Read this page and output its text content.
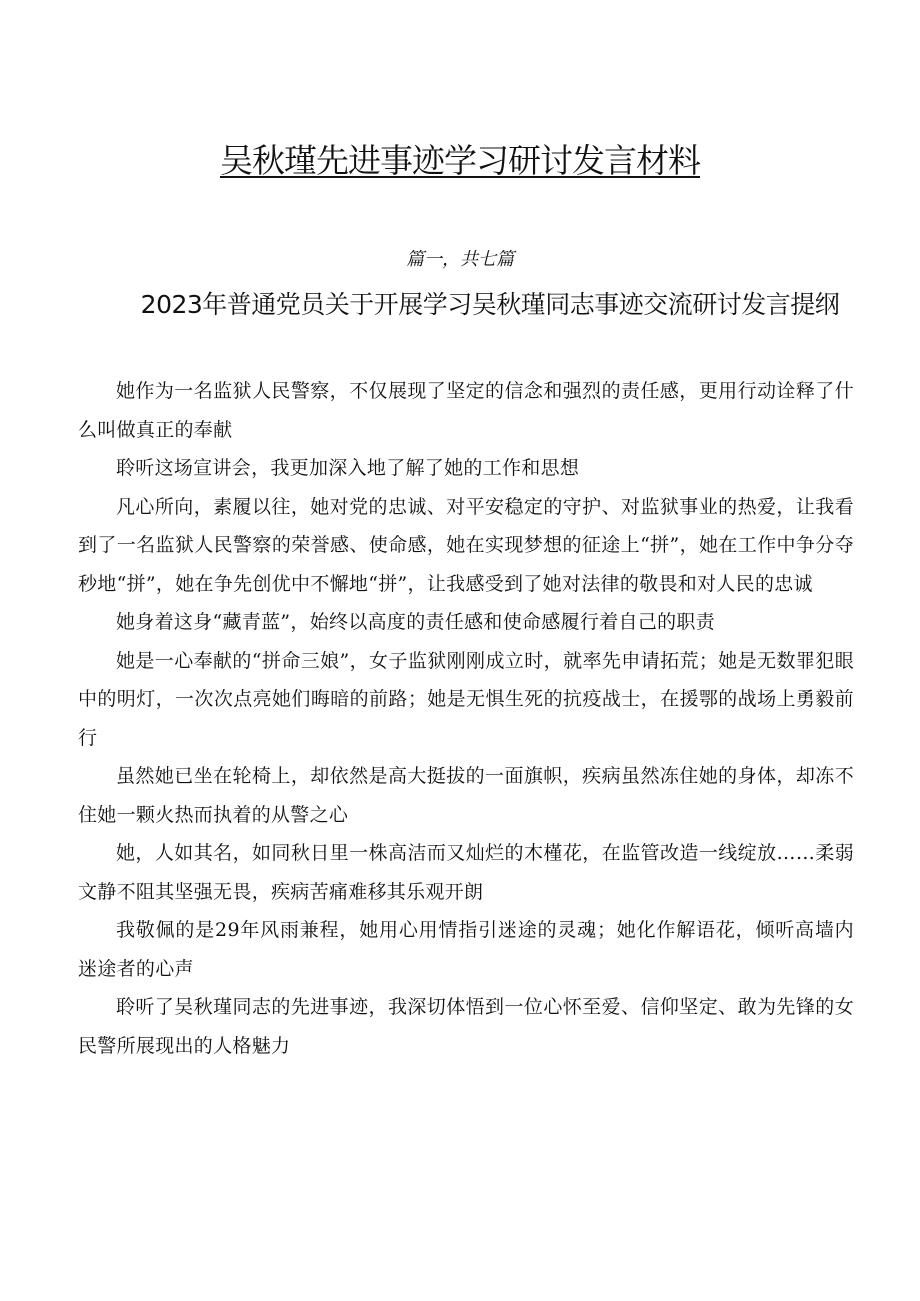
吴秋瑾先进事迹学习研讨发言材料
篇一，共七篇
2023年普通党员关于开展学习吴秋瑾同志事迹交流研讨发言提纲

她作为一名监狱人民警察，不仅展现了坚定的信念和强烈的责任感，更用行动诠释了什么叫做真正的奉献

聆听这场宣讲会，我更加深入地了解了她的工作和思想

凡心所向，素履以往，她对党的忠诚、对平安稳定的守护、对监狱事业的热爱，让我看到了一名监狱人民警察的荣誉感、使命感，她在实现梦想的征途上“拼”，她在工作中争分夺秒地“拼”，她在争先创优中不懈地“拼”，让我感受到了她对法律的敬畏和对人民的忠诚

她身着这身“藏青蓝”，始终以高度的责任感和使命感履行着自己的职责

她是一心奉献的“拼命三娘”，女子监狱刚刚成立时，就率先申请拓荒；她是无数罪犯眼中的明灯，一次次点亮她们晦暗的前路；她是无惧生死的抗疫战士，在援鄂的战场上勇毅前行

虽然她已坐在轮椅上，却依然是高大挺拔的一面旗帜，疾病虽然冻住她的身体，却冻不住她一颗火热而执着的从警之心

她，人如其名，如同秋日里一株高洁而又灿烂的木槿花，在监管改造一线绽放……柔弱文静不阻其坚强无畏，疾病苦痛难移其乐观开朗

我敬佩的是29年风雨兼程，她用心用情指引迷途的灵魂；她化作解语花，倾听高墙内迷途者的心声

聆听了吴秋瑾同志的先进事迹，我深切体悟到一位心怀至爱、信仰坚定、敢为先锋的女民警所展现出的人格魅力
